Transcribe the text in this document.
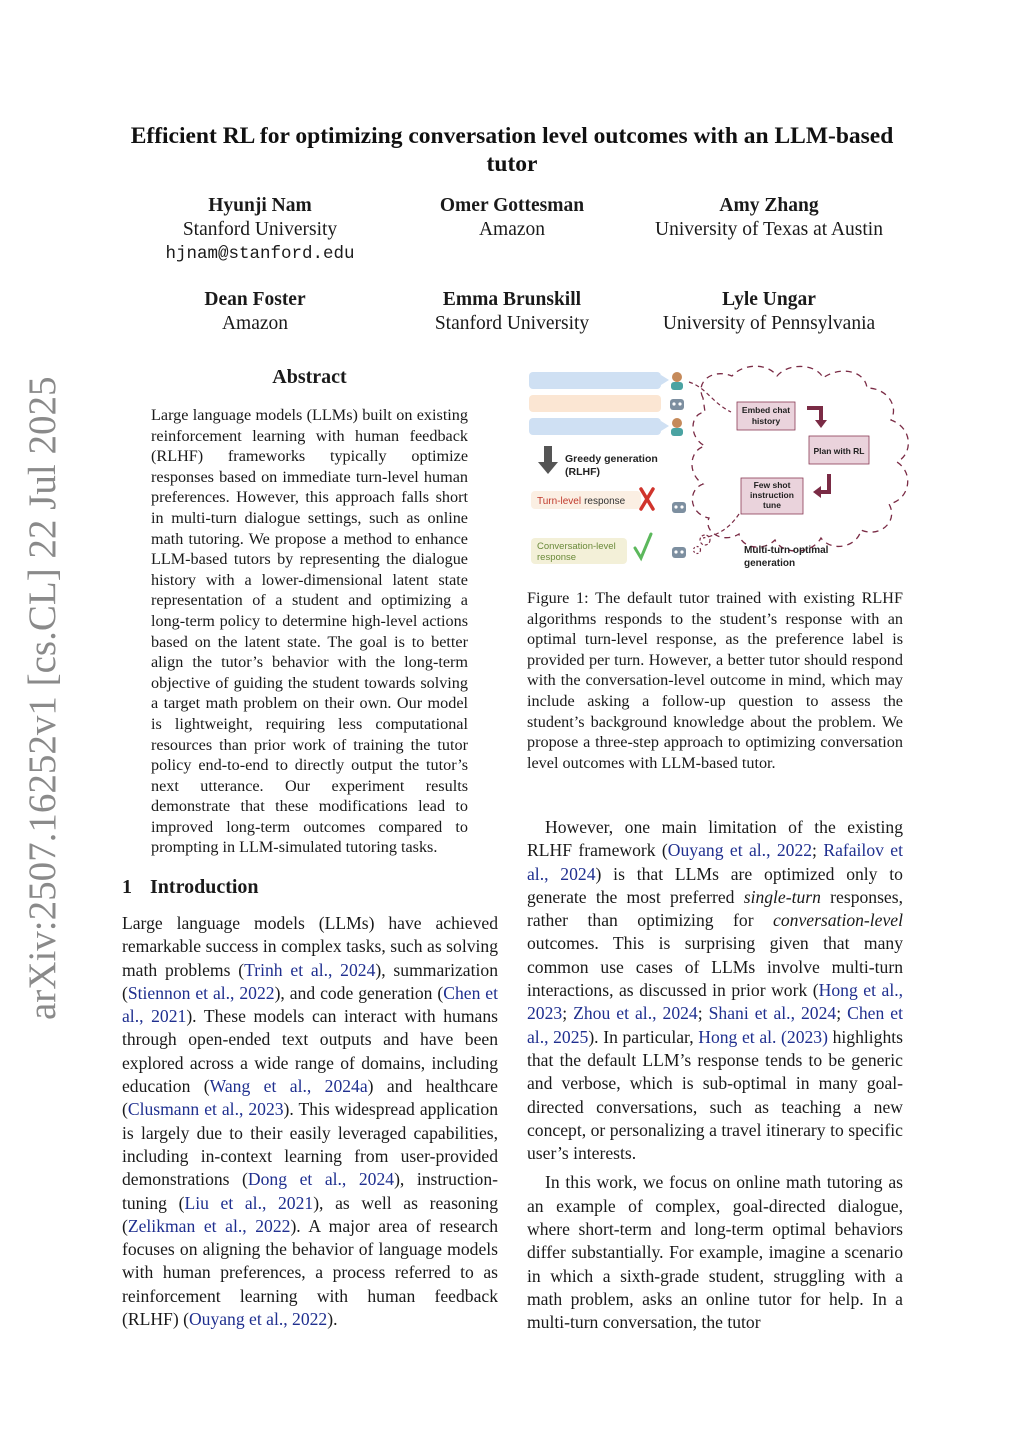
Efficient RL for optimizing conversation level outcomes with an LLM-based tutor
Hyunji Nam
Stanford University
hjnam@stanford.edu
Omer Gottesman
Amazon
Amy Zhang
University of Texas at Austin
Dean Foster
Amazon
Emma Brunskill
Stanford University
Lyle Ungar
University of Pennsylvania
arXiv:2507.16252v1 [cs.CL] 22 Jul 2025	Abstract
Large language models (LLMs) built on existing reinforcement learning with human feedback (RLHF) frameworks typically optimize responses based on immediate turn-level human preferences. However, this approach falls short in multi-turn dialogue settings, such as online math tutoring. We propose a method to enhance LLM-based tutors by representing the dialogue history with a lower-dimensional latent state representation of a student and optimizing a long-term policy to determine high-level actions based on the latent state. The goal is to better align the tutor’s behavior with the long-term objective of guiding the student towards solving a target math problem on their own. Our model is lightweight, requiring less computational resources than prior work of training the tutor policy end-to-end to directly output the tutor’s next utterance. Our experiment results demonstrate that these modifications lead to improved long-term outcomes compared to prompting in LLM-simulated tutoring tasks.
1 Introduction

Large language models (LLMs) have achieved remarkable success in complex tasks, such as solving math problems (Trinh et al., 2024), summarization (Stiennon et al., 2022), and code generation (Chen et al., 2021). These models can interact with humans through open-ended text outputs and have been explored across a wide range of domains, including education (Wang et al., 2024a) and healthcare (Clusmann et al., 2023). This widespread application is largely due to their easily leveraged capabilities, including in-context learning from user-provided demonstrations (Dong et al., 2024), instruction-tuning (Liu et al., 2021), as well as reasoning (Zelikman et al., 2022). A major area of research focuses on aligning the behavior of language models with human preferences, a process referred to as reinforcement learning with human feedback (RLHF) (Ouyang et al., 2022).

Greedy generation
(RLHF)
Turn-level response
Conversation-level
response
Embed chat
history
Plan with RL
Few shot
instruction
tune
Multi-turn optimal
generation
Figure 1: The default tutor trained with existing RLHF algorithms responds to the student’s response with an optimal turn-level response, as the preference label is provided per turn. However, a better tutor should respond with the conversation-level outcome in mind, which may include asking a follow-up question to assess the student’s background knowledge about the problem. We propose a three-step approach to optimizing conversation level outcomes with LLM-based tutor.

However, one main limitation of the existing RLHF framework (Ouyang et al., 2022; Rafailov et al., 2024) is that LLMs are optimized only to generate the most preferred single-turn responses, rather than optimizing for conversation-level outcomes. This is surprising given that many common use cases of LLMs involve multi-turn interactions, as discussed in prior work (Hong et al., 2023; Zhou et al., 2024; Shani et al., 2024; Chen et al., 2025). In particular, Hong et al. (2023) highlights that the default LLM’s response tends to be generic and verbose, which is sub-optimal in many goal-directed conversations, such as teaching a new concept, or personalizing a travel itinerary to specific user’s interests.

In this work, we focus on online math tutoring as an example of complex, goal-directed dialogue, where short-term and long-term optimal behaviors differ substantially. For example, imagine a scenario in which a sixth-grade student, struggling with a math problem, asks an online tutor for help. In a multi-turn conversation, the tutor
